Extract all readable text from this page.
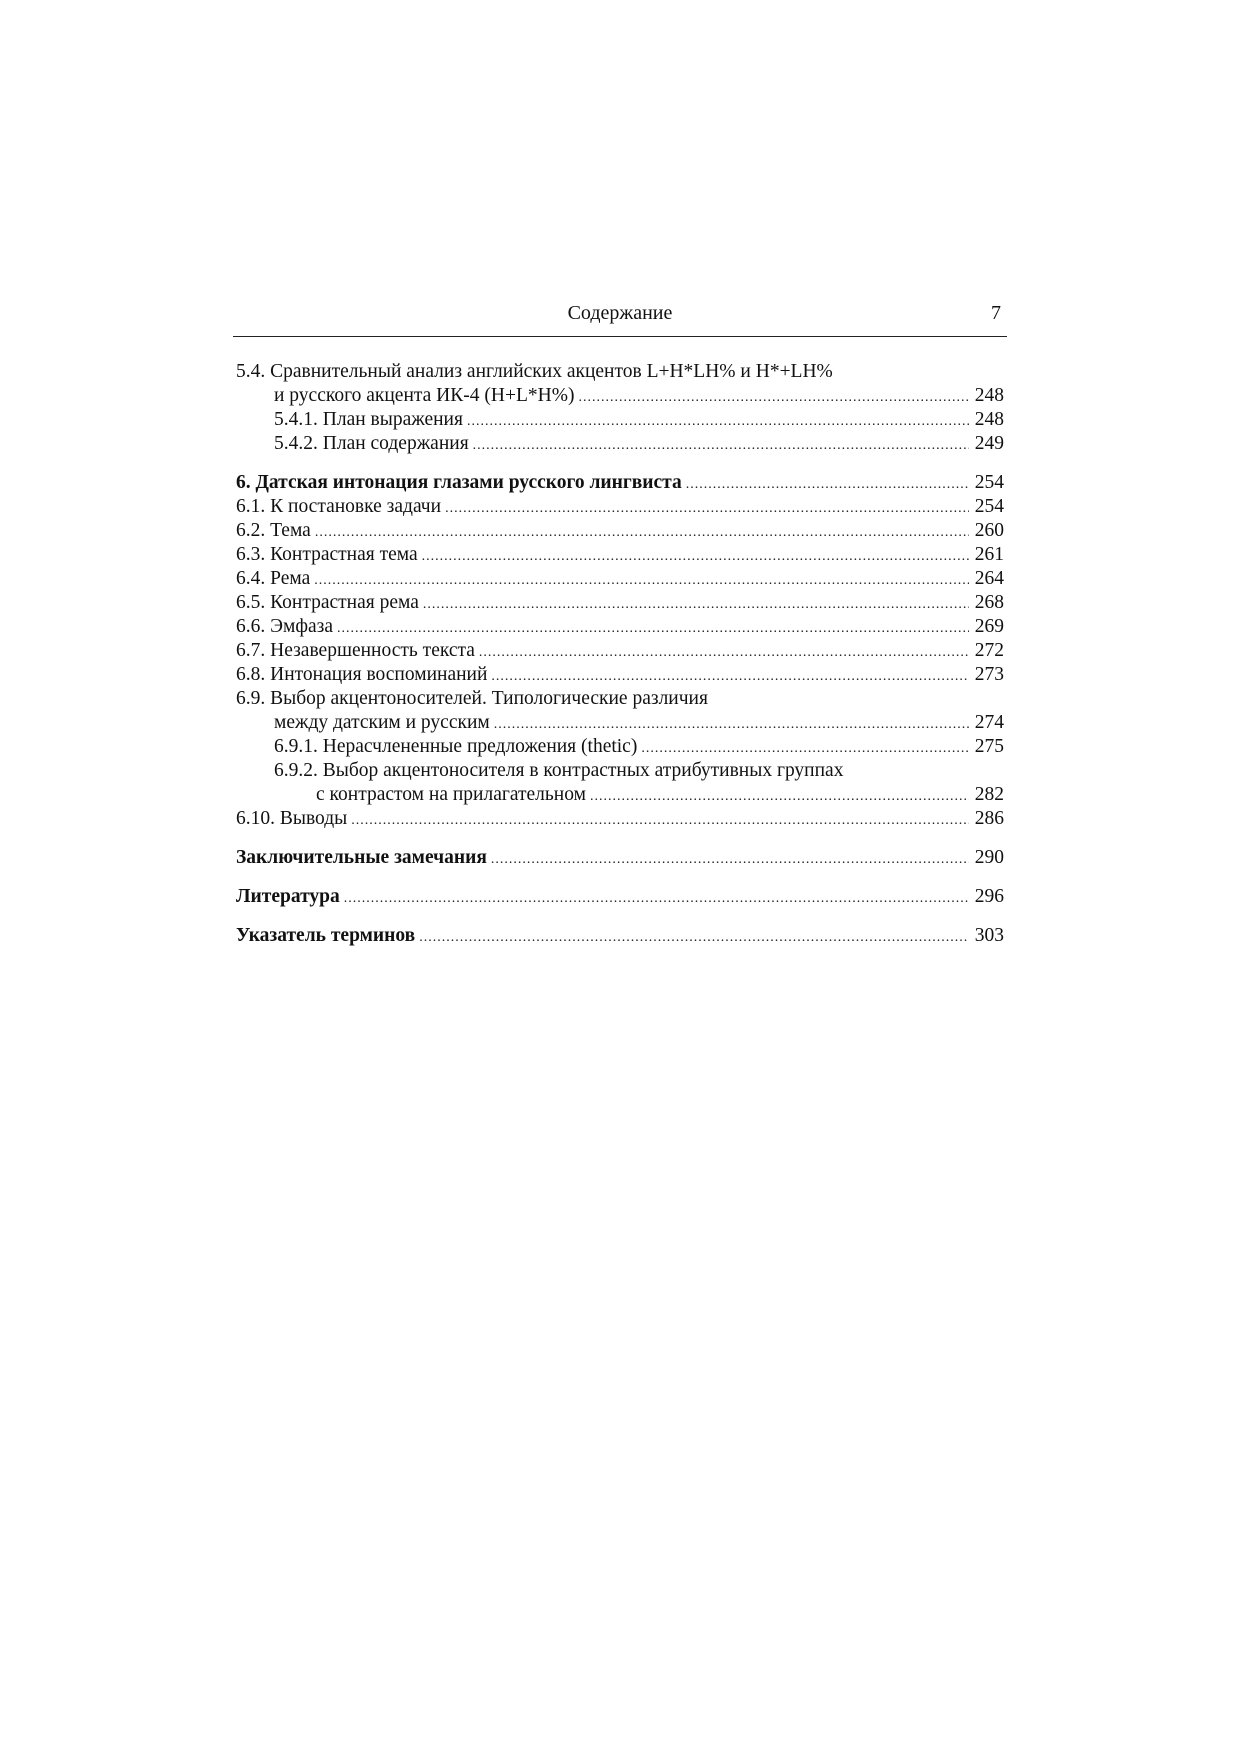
Содержание	7
5.4. Сравнительный анализ английских акцентов L+H*LH% и H*+LH%
и русского акцента ИК-4 (H+L*H%) .....	248
5.4.1. План выражения .....	248
5.4.2. План содержания .....	249
6. Датская интонация глазами русского лингвиста .....	254
6.1. К постановке задачи .....	254
6.2. Тема .....	260
6.3. Контрастная тема .....	261
6.4. Рема .....	264
6.5. Контрастная рема .....	268
6.6. Эмфаза .....	269
6.7. Незавершенность текста .....	272
6.8. Интонация воспоминаний .....	273
6.9. Выбор акцентоносителей. Типологические различия
между датским и русским .....	274
6.9.1. Нерасчлененные предложения (thetic) .....	275
6.9.2. Выбор акцентоносителя в контрастных атрибутивных группах
с контрастом на прилагательном .....	282
6.10. Выводы .....	286
Заключительные замечания .....	290
Литература .....	296
Указатель терминов .....	303
